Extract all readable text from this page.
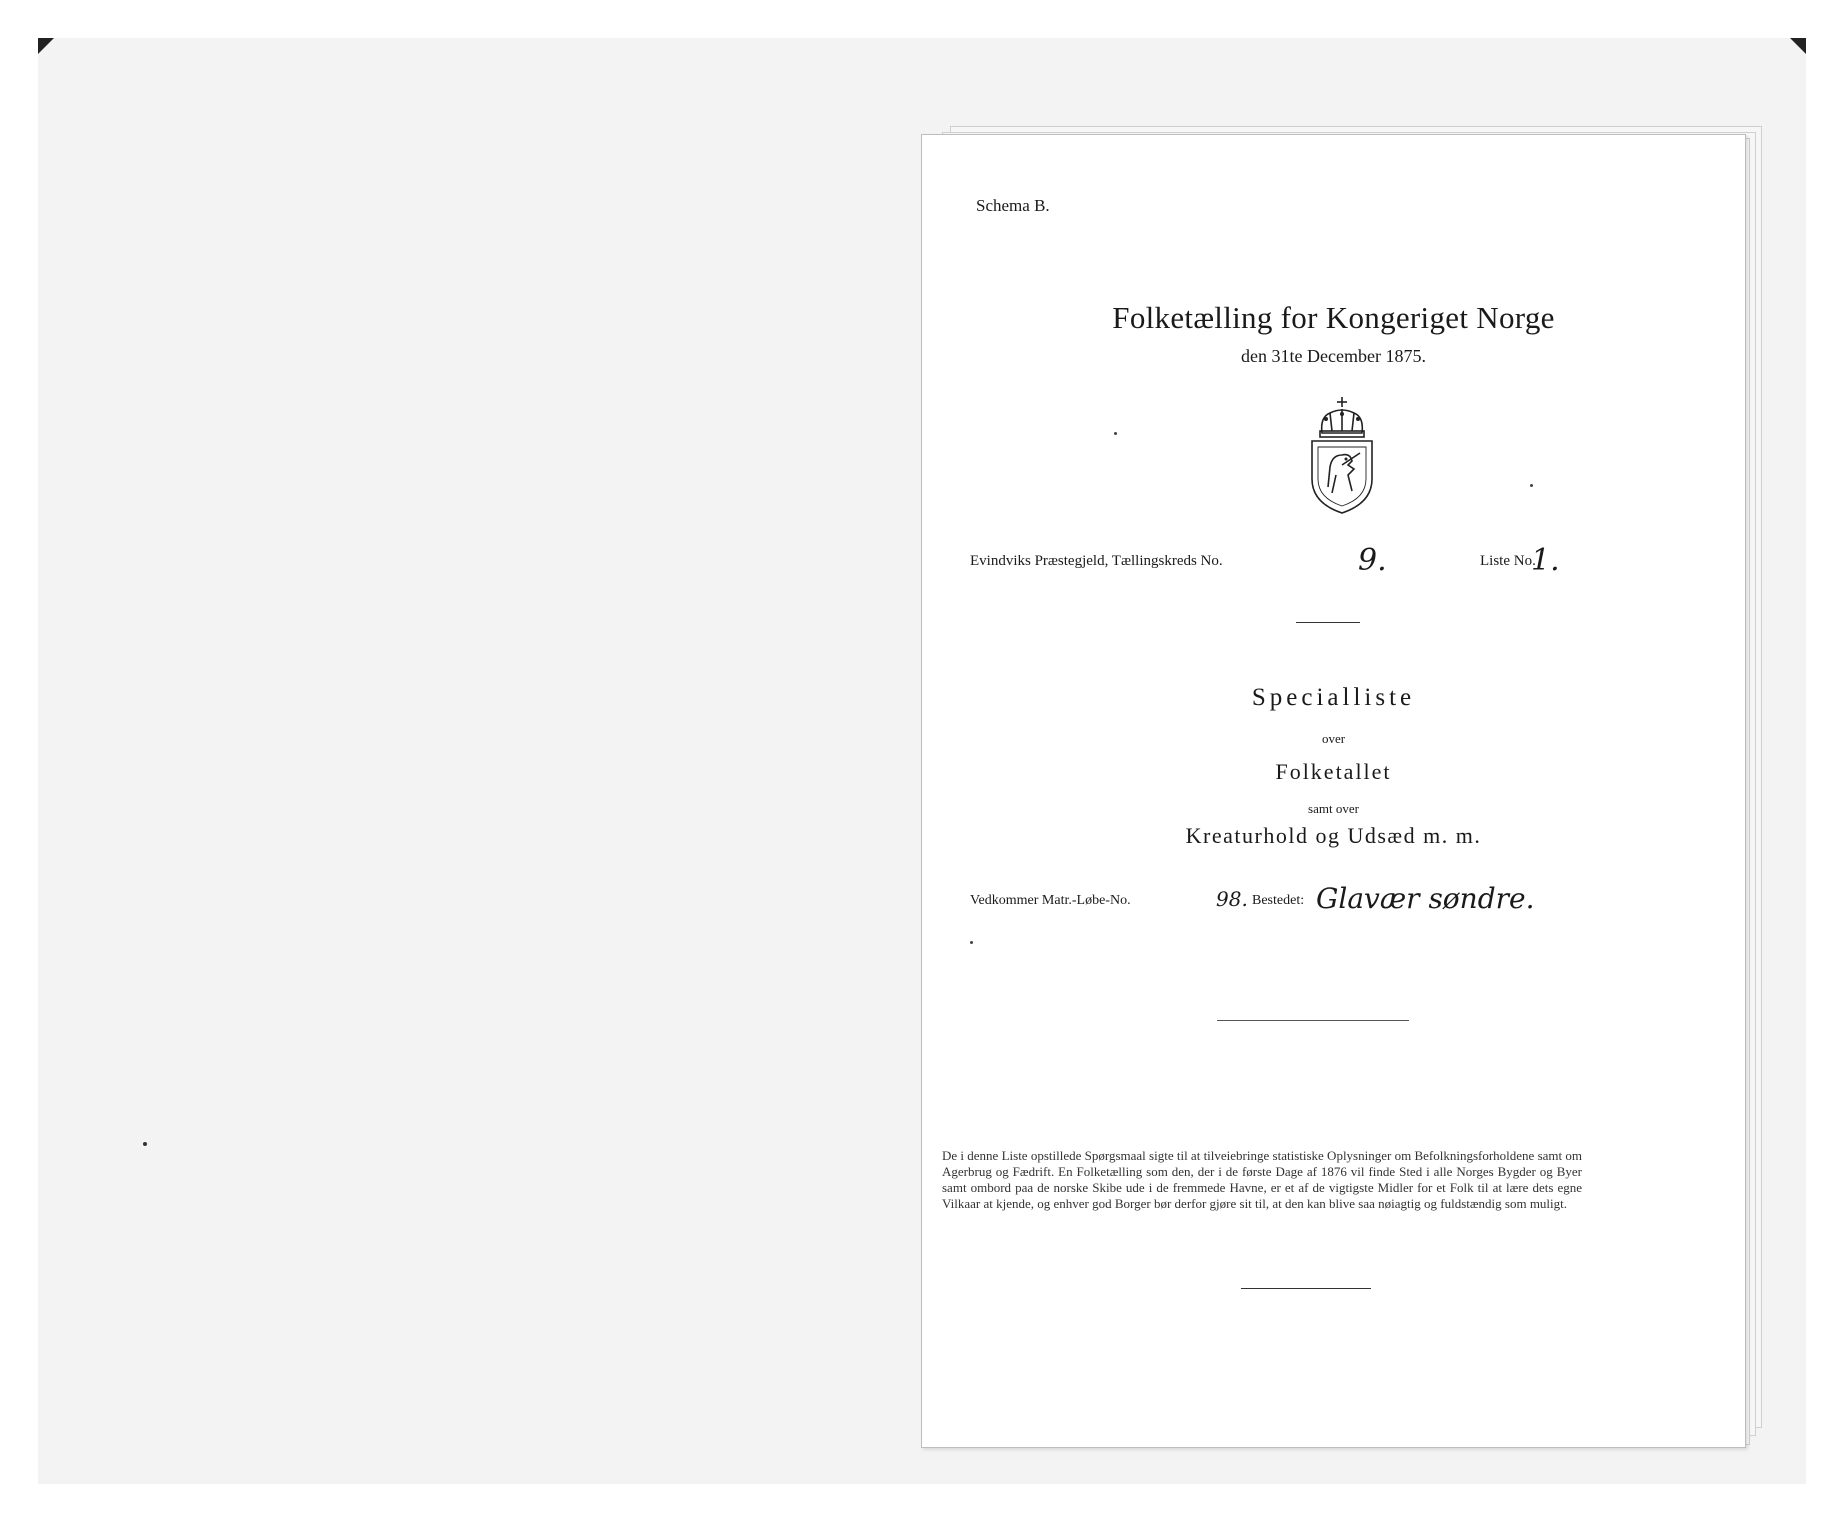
Schema B.
Folketælling for Kongeriget Norge
den 31te December 1875.
Evindviks Præstegjeld, Tællingskreds No.	9.	Liste No.
1.
Specialliste
over
Folketallet
samt over
Kreaturhold og Udsæd m. m.
Vedkommer Matr.-Løbe-No.	98. Bestedet: Glavær søndre.
De i denne Liste opstillede Spørgsmaal sigte til at tilveiebringe statistiske Oplysninger om Befolkningsforholdene samt om Agerbrug og Fædrift. En Folketælling som den, der i de første Dage af 1876 vil finde Sted i alle Norges Bygder og Byer samt ombord paa de norske Skibe ude i de fremmede Havne, er et af de vigtigste Midler for et Folk til at lære dets egne Vilkaar at kjende, og enhver god Borger bør derfor gjøre sit til, at den kan blive saa nøiagtig og fuldstændig som muligt.
